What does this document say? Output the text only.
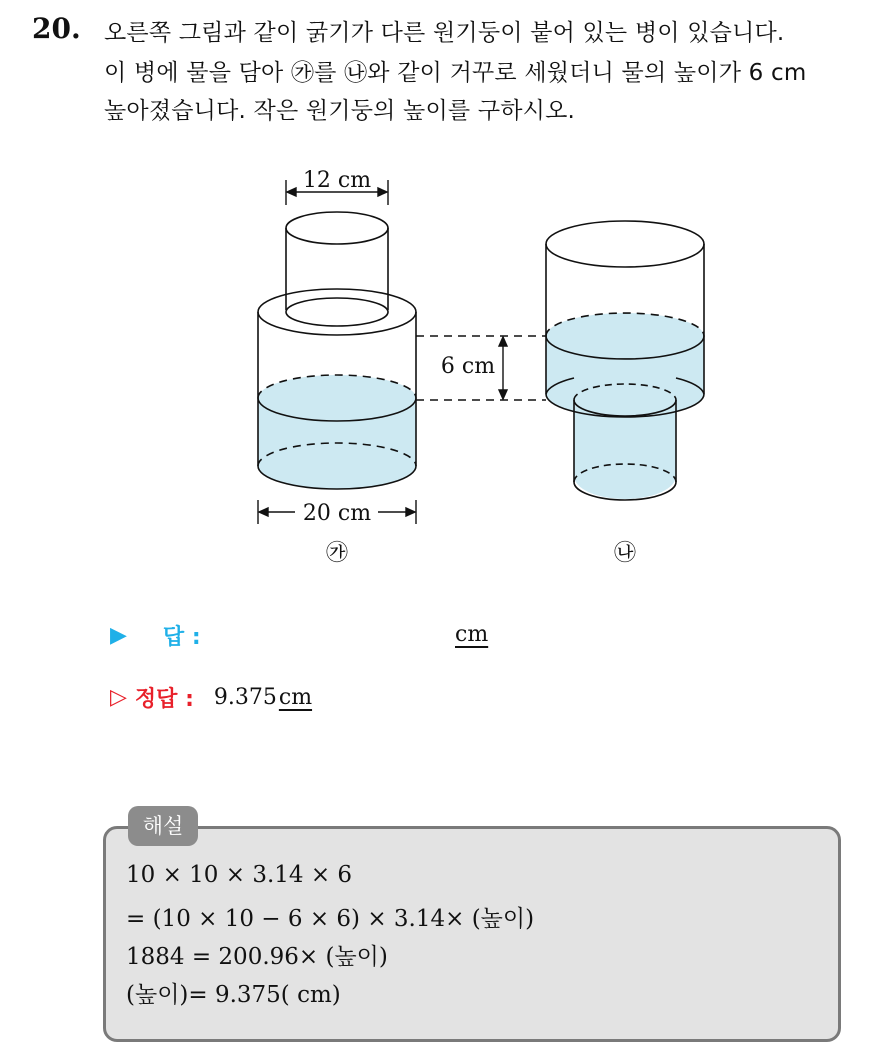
20. 오른쪽 그림과 같이 굵기가 다른 원기둥이 붙어 있는 병이 있습니다.
이 병에 물을 담아 ㉮를 ㉯와 같이 거꾸로 세웠더니 물의 높이가 6 cm
높아졌습니다. 작은 원기둥의 높이를 구하시오.
12 cm
20 cm
㉮
6 cm
㉯
▶ 답 :	cm
▷ 정답 : 9.375 cm
해설
10 × 10 × 3.14 × 6
= (10 × 10 − 6 × 6) × 3.14× (높이)
1884 = 200.96× (높이)
(높이)= 9.375( cm)
